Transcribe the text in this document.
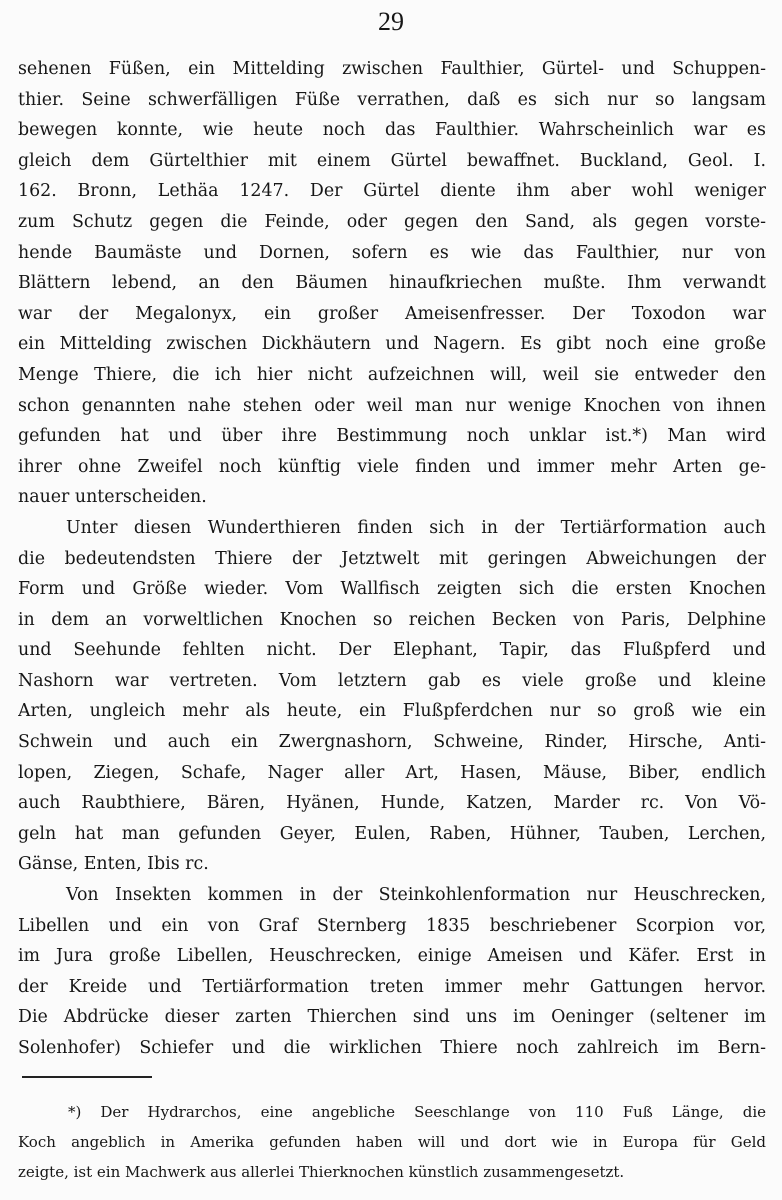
29
sehenen Füßen, ein Mittelding zwischen Faulthier, Gürtel- und Schuppen-
thier. Seine schwerfälligen Füße verrathen, daß es sich nur so langsam
bewegen konnte, wie heute noch das Faulthier. Wahrscheinlich war es
gleich dem Gürtelthier mit einem Gürtel bewaffnet. Buckland, Geol. I.
162. Bronn, Lethäa 1247. Der Gürtel diente ihm aber wohl weniger
zum Schutz gegen die Feinde, oder gegen den Sand, als gegen vorste-
hende Baumäste und Dornen, sofern es wie das Faulthier, nur von
Blättern lebend, an den Bäumen hinaufkriechen mußte. Ihm verwandt
war der Megalonyx, ein großer Ameisenfresser. Der Toxodon war
ein Mittelding zwischen Dickhäutern und Nagern. Es gibt noch eine große
Menge Thiere, die ich hier nicht aufzeichnen will, weil sie entweder den
schon genannten nahe stehen oder weil man nur wenige Knochen von ihnen
gefunden hat und über ihre Bestimmung noch unklar ist.*) Man wird
ihrer ohne Zweifel noch künftig viele finden und immer mehr Arten ge-
nauer unterscheiden.
Unter diesen Wunderthieren finden sich in der Tertiärformation auch
die bedeutendsten Thiere der Jetztwelt mit geringen Abweichungen der
Form und Größe wieder. Vom Wallfisch zeigten sich die ersten Knochen
in dem an vorweltlichen Knochen so reichen Becken von Paris, Delphine
und Seehunde fehlten nicht. Der Elephant, Tapir, das Flußpferd und
Nashorn war vertreten. Vom letztern gab es viele große und kleine
Arten, ungleich mehr als heute, ein Flußpferdchen nur so groß wie ein
Schwein und auch ein Zwergnashorn, Schweine, Rinder, Hirsche, Anti-
lopen, Ziegen, Schafe, Nager aller Art, Hasen, Mäuse, Biber, endlich
auch Raubthiere, Bären, Hyänen, Hunde, Katzen, Marder rc. Von Vö-
geln hat man gefunden Geyer, Eulen, Raben, Hühner, Tauben, Lerchen,
Gänse, Enten, Ibis rc.
Von Insekten kommen in der Steinkohlenformation nur Heuschrecken,
Libellen und ein von Graf Sternberg 1835 beschriebener Scorpion vor,
im Jura große Libellen, Heuschrecken, einige Ameisen und Käfer. Erst in
der Kreide und Tertiärformation treten immer mehr Gattungen hervor.
Die Abdrücke dieser zarten Thierchen sind uns im Oeninger (seltener im
Solenhofer) Schiefer und die wirklichen Thiere noch zahlreich im Bern-
*) Der Hydrarchos, eine angebliche Seeschlange von 110 Fuß Länge, die
Koch angeblich in Amerika gefunden haben will und dort wie in Europa für Geld
zeigte, ist ein Machwerk aus allerlei Thierknochen künstlich zusammengesetzt.
